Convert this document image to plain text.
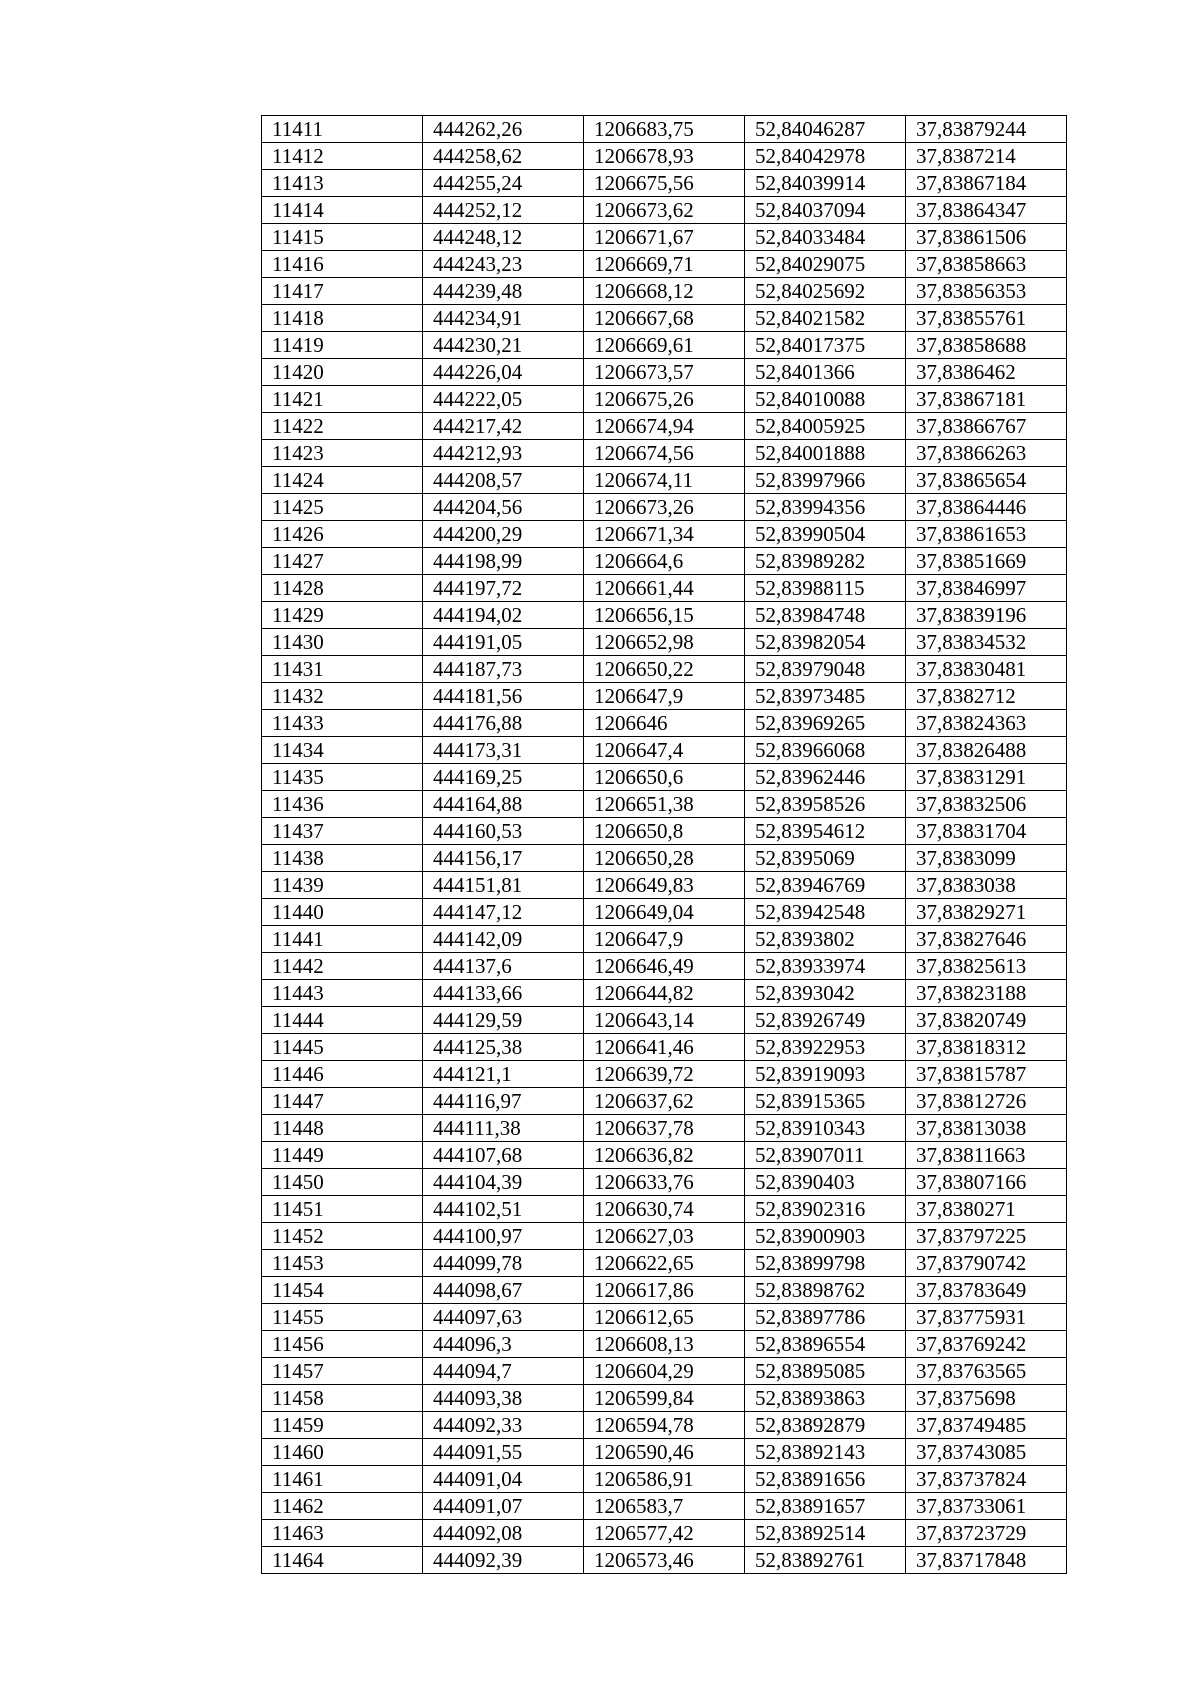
11411	444262,26	1206683,75	52,84046287	37,83879244
11412	444258,62	1206678,93	52,84042978	37,8387214
11413	444255,24	1206675,56	52,84039914	37,83867184
11414	444252,12	1206673,62	52,84037094	37,83864347
11415	444248,12	1206671,67	52,84033484	37,83861506
11416	444243,23	1206669,71	52,84029075	37,83858663
11417	444239,48	1206668,12	52,84025692	37,83856353
11418	444234,91	1206667,68	52,84021582	37,83855761
11419	444230,21	1206669,61	52,84017375	37,83858688
11420	444226,04	1206673,57	52,8401366	37,8386462
11421	444222,05	1206675,26	52,84010088	37,83867181
11422	444217,42	1206674,94	52,84005925	37,83866767
11423	444212,93	1206674,56	52,84001888	37,83866263
11424	444208,57	1206674,11	52,83997966	37,83865654
11425	444204,56	1206673,26	52,83994356	37,83864446
11426	444200,29	1206671,34	52,83990504	37,83861653
11427	444198,99	1206664,6	52,83989282	37,83851669
11428	444197,72	1206661,44	52,83988115	37,83846997
11429	444194,02	1206656,15	52,83984748	37,83839196
11430	444191,05	1206652,98	52,83982054	37,83834532
11431	444187,73	1206650,22	52,83979048	37,83830481
11432	444181,56	1206647,9	52,83973485	37,8382712
11433	444176,88	1206646	52,83969265	37,83824363
11434	444173,31	1206647,4	52,83966068	37,83826488
11435	444169,25	1206650,6	52,83962446	37,83831291
11436	444164,88	1206651,38	52,83958526	37,83832506
11437	444160,53	1206650,8	52,83954612	37,83831704
11438	444156,17	1206650,28	52,8395069	37,8383099
11439	444151,81	1206649,83	52,83946769	37,8383038
11440	444147,12	1206649,04	52,83942548	37,83829271
11441	444142,09	1206647,9	52,8393802	37,83827646
11442	444137,6	1206646,49	52,83933974	37,83825613
11443	444133,66	1206644,82	52,8393042	37,83823188
11444	444129,59	1206643,14	52,83926749	37,83820749
11445	444125,38	1206641,46	52,83922953	37,83818312
11446	444121,1	1206639,72	52,83919093	37,83815787
11447	444116,97	1206637,62	52,83915365	37,83812726
11448	444111,38	1206637,78	52,83910343	37,83813038
11449	444107,68	1206636,82	52,83907011	37,83811663
11450	444104,39	1206633,76	52,8390403	37,83807166
11451	444102,51	1206630,74	52,83902316	37,8380271
11452	444100,97	1206627,03	52,83900903	37,83797225
11453	444099,78	1206622,65	52,83899798	37,83790742
11454	444098,67	1206617,86	52,83898762	37,83783649
11455	444097,63	1206612,65	52,83897786	37,83775931
11456	444096,3	1206608,13	52,83896554	37,83769242
11457	444094,7	1206604,29	52,83895085	37,83763565
11458	444093,38	1206599,84	52,83893863	37,8375698
11459	444092,33	1206594,78	52,83892879	37,83749485
11460	444091,55	1206590,46	52,83892143	37,83743085
11461	444091,04	1206586,91	52,83891656	37,83737824
11462	444091,07	1206583,7	52,83891657	37,83733061
11463	444092,08	1206577,42	52,83892514	37,83723729
11464	444092,39	1206573,46	52,83892761	37,83717848
